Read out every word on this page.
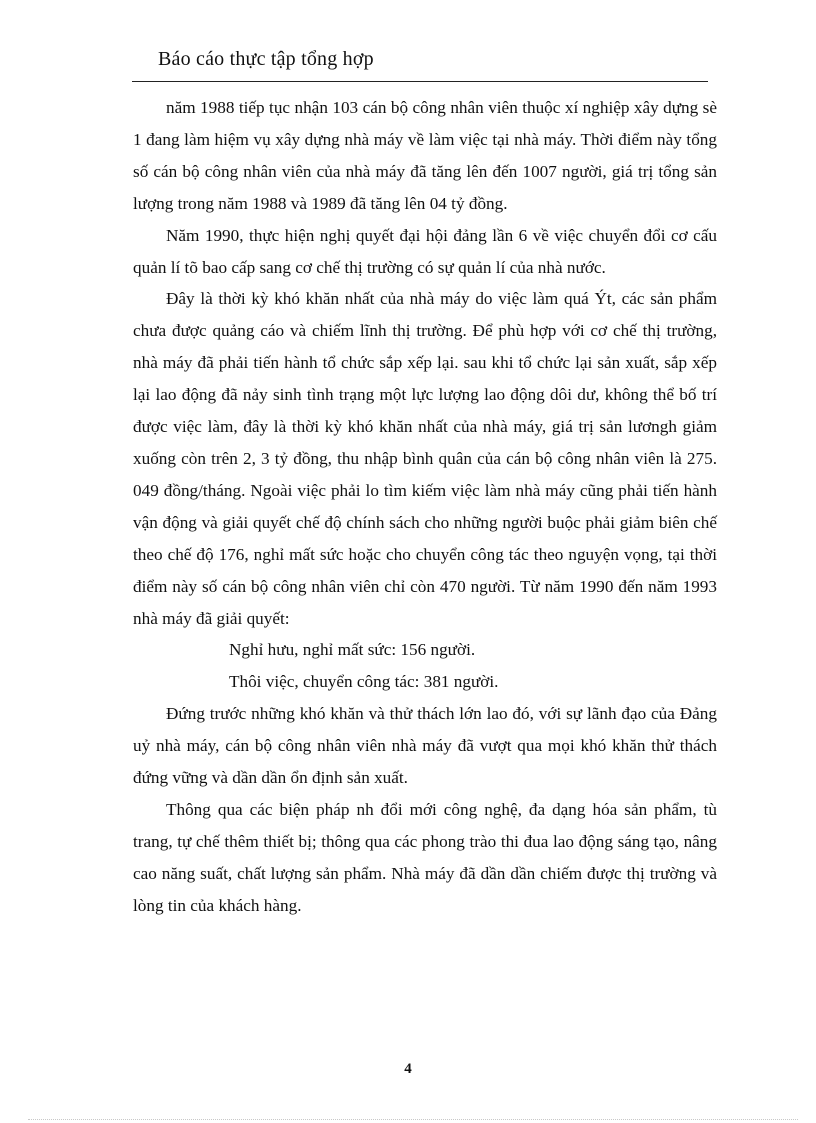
Báo cáo thực tập tổng hợp

năm 1988 tiếp tục nhận 103 cán bộ công nhân viên thuộc xí nghiệp xây dựng sè 1 đang làm hiệm vụ xây dựng nhà máy về làm việc tại nhà máy. Thời điểm này tổng số cán bộ công nhân viên của nhà máy đã tăng lên đến 1007 người, giá trị tổng sản lượng trong năm 1988 và 1989 đã tăng lên 04 tỷ đồng.

Năm 1990, thực hiện nghị quyết đại hội đảng lần 6 về việc chuyển đổi cơ cấu quản lí tõ bao cấp sang cơ chế thị trường có sự quản lí của nhà nước.

Đây là thời kỳ khó khăn nhất của nhà máy do việc làm quá Ýt, các sản phẩm chưa được quảng cáo và chiếm lĩnh thị trường. Để phù hợp với cơ chế thị trường, nhà máy đã phải tiến hành tổ chức sắp xếp lại. sau khi tổ chức lại sản xuất, sắp xếp lại lao động đã nảy sinh tình trạng một lực lượng lao động dôi dư, không thể bố trí được việc làm, đây là thời kỳ khó khăn nhất của nhà máy, giá trị sản lươngh giảm xuống còn trên 2, 3 tỷ đồng, thu nhập bình quân của cán bộ công nhân viên là 275. 049 đồng/tháng. Ngoài việc phải lo tìm kiếm việc làm nhà máy cũng phải tiến hành vận động và giải quyết chế độ chính sách cho những người buộc phải giảm biên chế theo chế độ 176, nghỉ mất sức hoặc cho chuyển công tác theo nguyện vọng, tại thời điểm này số cán bộ công nhân viên chỉ còn 470 người. Từ năm 1990 đến năm 1993 nhà máy đã giải quyết:

Nghỉ hưu, nghỉ mất sức: 156 người.

Thôi việc, chuyển công tác: 381 người.

Đứng trước những khó khăn và thử thách lớn lao đó, với sự lãnh đạo của Đảng uỷ nhà máy, cán bộ công nhân viên nhà máy đã vượt qua mọi khó khăn thử thách đứng vững và dần dần ổn định sản xuất.

Thông qua các biện pháp nh đổi mới công nghệ, đa dạng hóa sản phẩm, tù trang, tự chế thêm thiết bị; thông qua các phong trào thi đua lao động sáng tạo, nâng cao năng suất, chất lượng sản phẩm. Nhà máy đã dần dần chiếm được thị trường và lòng tin của khách hàng.

4
